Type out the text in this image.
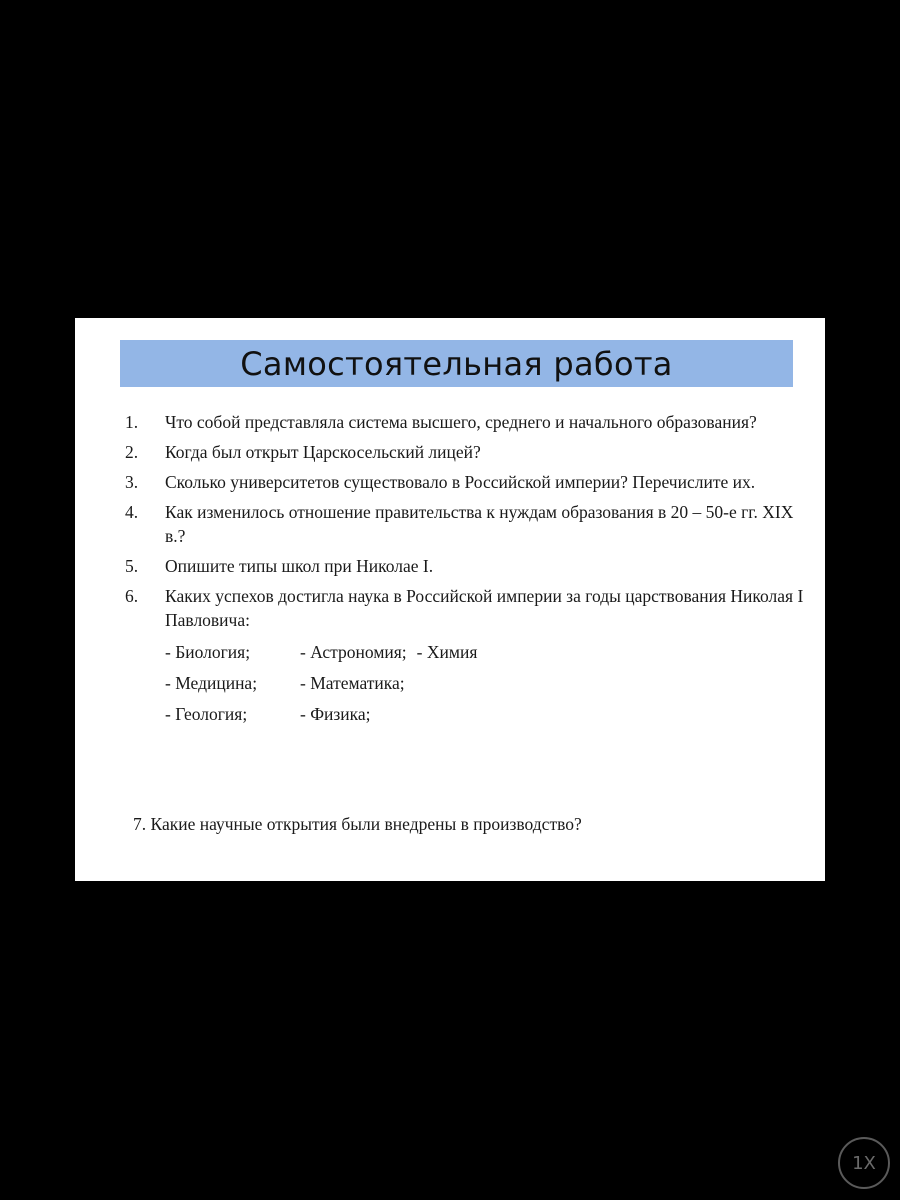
Самостоятельная работа
1.	Что собой представляла система высшего, среднего и начального образования?
2.	Когда был открыт Царскосельский лицей?
3.	Сколько университетов существовало в Российской империи? Перечислите их.
4.	Как изменилось отношение правительства к нуждам образования в 20 – 50-е гг. XIX в.?
5.	Опишите типы школ при Николае I.
6.	Каких успехов достигла наука в Российской империи за годы царствования Николая I Павловича:
- Биология;	- Астрономия; - Химия
- Медицина;	- Математика;
- Геология;	- Физика;
7. Какие научные открытия были внедрены в производство?
1X
